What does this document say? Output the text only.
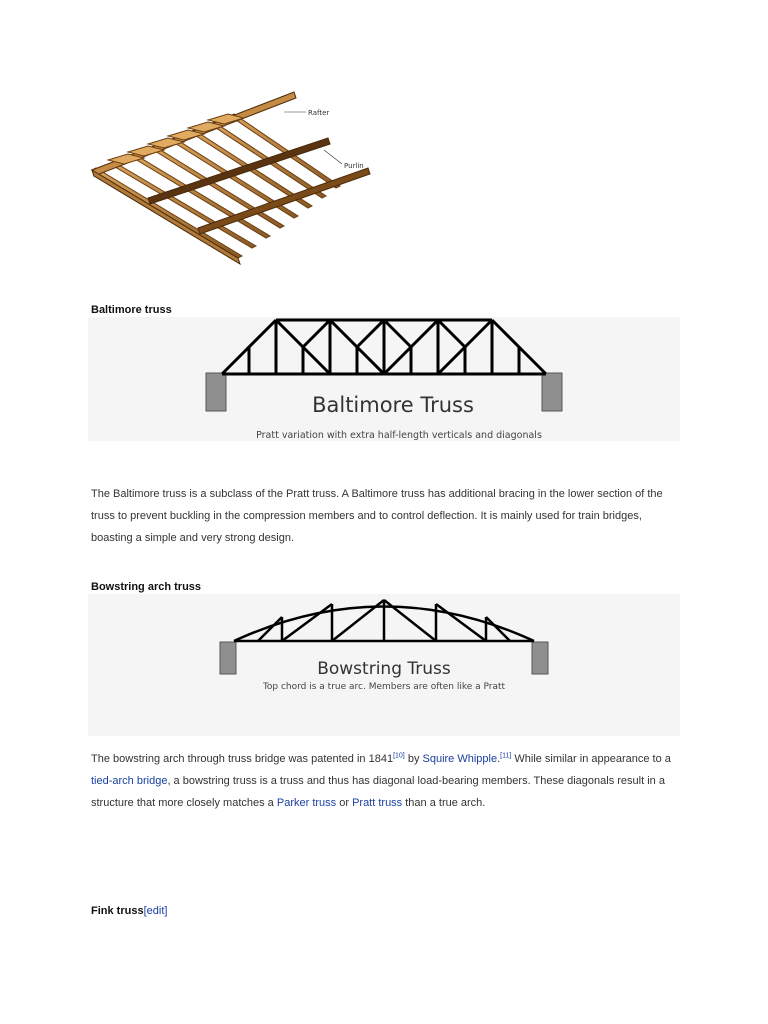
Rafter
Purlin
Baltimore truss
Baltimore Truss
Pratt variation with extra half-length verticals and diagonals
The Baltimore truss is a subclass of the Pratt truss. A Baltimore truss has additional bracing in the lower section of the truss to prevent buckling in the compression members and to control deflection. It is mainly used for train bridges, boasting a simple and very strong design.
Bowstring arch truss
Bowstring Truss
Top chord is a true arc. Members are often like a Pratt
The bowstring arch through truss bridge was patented in 1841[10] by Squire Whipple.[11] While similar in appearance to a tied-arch bridge, a bowstring truss is a truss and thus has diagonal load-bearing members. These diagonals result in a structure that more closely matches a Parker truss or Pratt truss than a true arch.
Fink truss[edit]
